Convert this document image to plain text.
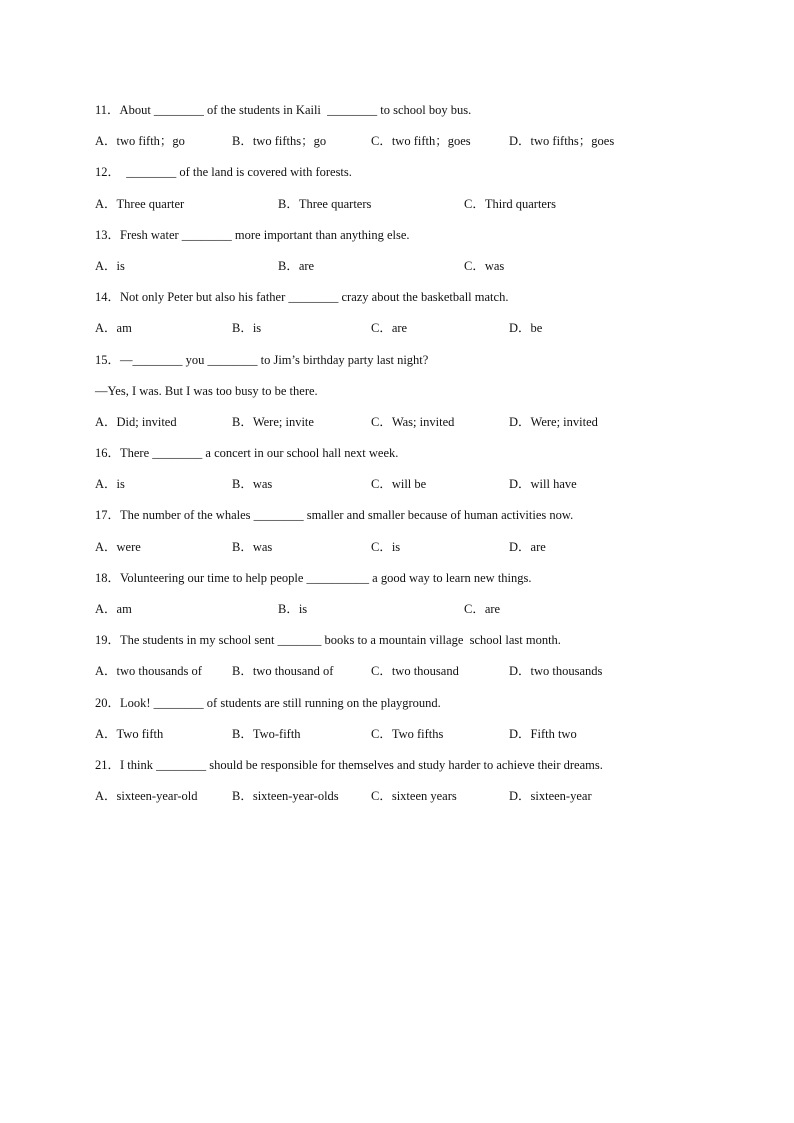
11．About ________ of the students in Kaili  ________ to school boy bus.

A．two fifth；go

	B．two fifths；go

	C．two fifth；goes

	D．two fifths；goes

12．  ________ of the land is covered with forests.

A．Three quarter

	B．Three quarters

	C．Third quarters

13．Fresh water ________ more important than anything else.

A．is

	B．are

	C．was

14．Not only Peter but also his father ________ crazy about the basketball match.

A．am

	B．is

	C．are

	D．be

15．—________ you ________ to Jim’s birthday party last night?
—Yes, I was. But I was too busy to be there.

A．Did; invited

	B．Were; invite

	C．Was; invited

	D．Were; invited

16．There ________ a concert in our school hall next week.

A．is

	B．was

	C．will be

	D．will have

17．The number of the whales ________ smaller and smaller because of human activities now.

A．were

	B．was

	C．is

	D．are

18．Volunteering our time to help people __________ a good way to learn new things.

A．am

	B．is

	C．are

19．The students in my school sent _______ books to a mountain village  school last month.

A．two thousands of

B．two thousand of

	C．two thousand

	D．two thousands

20．Look! ________ of students are still running on the playground.

A．Two fifth

	B．Two-fifth

	C．Two fifths

	D．Fifth two

21．I think ________ should be responsible for themselves and study harder to achieve their dreams.

A．sixteen-year-old

	B．sixteen-year-olds

	C．sixteen years

	D．sixteen-year
